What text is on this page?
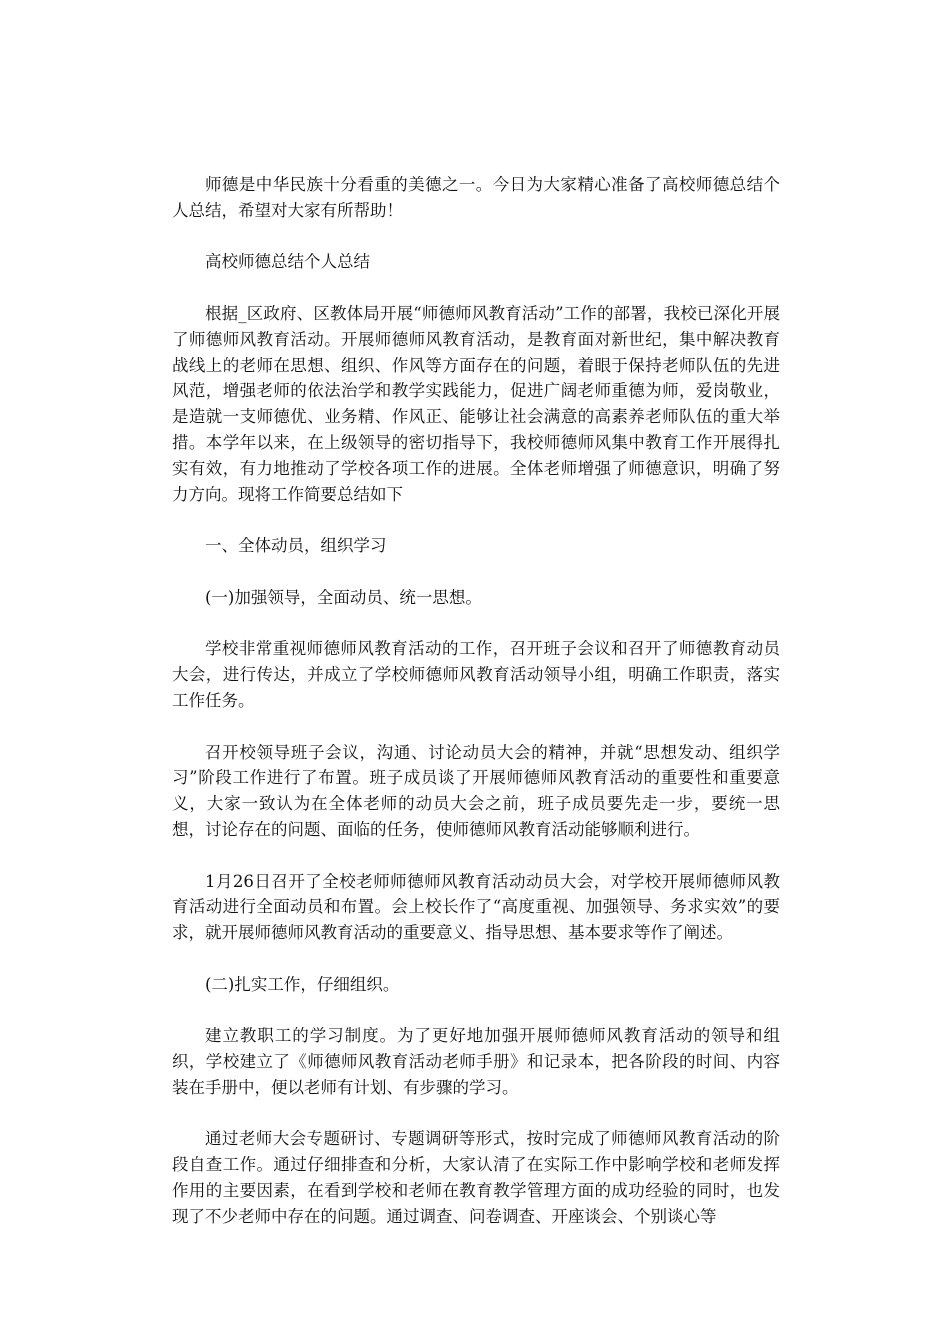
师德是中华民族十分看重的美德之一。今日为大家精心准备了高校师德总结个人总结，希望对大家有所帮助！

高校师德总结个人总结

根据_区政府、区教体局开展“师德师风教育活动”工作的部署，我校已深化开展了师德师风教育活动。开展师德师风教育活动，是教育面对新世纪，集中解决教育战线上的老师在思想、组织、作风等方面存在的问题，着眼于保持老师队伍的先进风范，增强老师的依法治学和教学实践能力，促进广阔老师重德为师，爱岗敬业，是造就一支师德优、业务精、作风正、能够让社会满意的高素养老师队伍的重大举措。本学年以来，在上级领导的密切指导下，我校师德师风集中教育工作开展得扎实有效，有力地推动了学校各项工作的进展。全体老师增强了师德意识，明确了努力方向。现将工作简要总结如下

一、全体动员，组织学习

(一)加强领导，全面动员、统一思想。

学校非常重视师德师风教育活动的工作，召开班子会议和召开了师德教育动员大会，进行传达，并成立了学校师德师风教育活动领导小组，明确工作职责，落实工作任务。

召开校领导班子会议，沟通、讨论动员大会的精神，并就“思想发动、组织学习”阶段工作进行了布置。班子成员谈了开展师德师风教育活动的重要性和重要意义，大家一致认为在全体老师的动员大会之前，班子成员要先走一步，要统一思想，讨论存在的问题、面临的任务，使师德师风教育活动能够顺利进行。

1月26日召开了全校老师师德师风教育活动动员大会，对学校开展师德师风教育活动进行全面动员和布置。会上校长作了“高度重视、加强领导、务求实效”的要求，就开展师德师风教育活动的重要意义、指导思想、基本要求等作了阐述。

(二)扎实工作，仔细组织。

建立教职工的学习制度。为了更好地加强开展师德师风教育活动的领导和组织，学校建立了《师德师风教育活动老师手册》和记录本，把各阶段的时间、内容装在手册中，便以老师有计划、有步骤的学习。

通过老师大会专题研讨、专题调研等形式，按时完成了师德师风教育活动的阶段自查工作。通过仔细排查和分析，大家认清了在实际工作中影响学校和老师发挥作用的主要因素，在看到学校和老师在教育教学管理方面的成功经验的同时，也发现了不少老师中存在的问题。通过调查、问卷调查、开座谈会、个别谈心等
